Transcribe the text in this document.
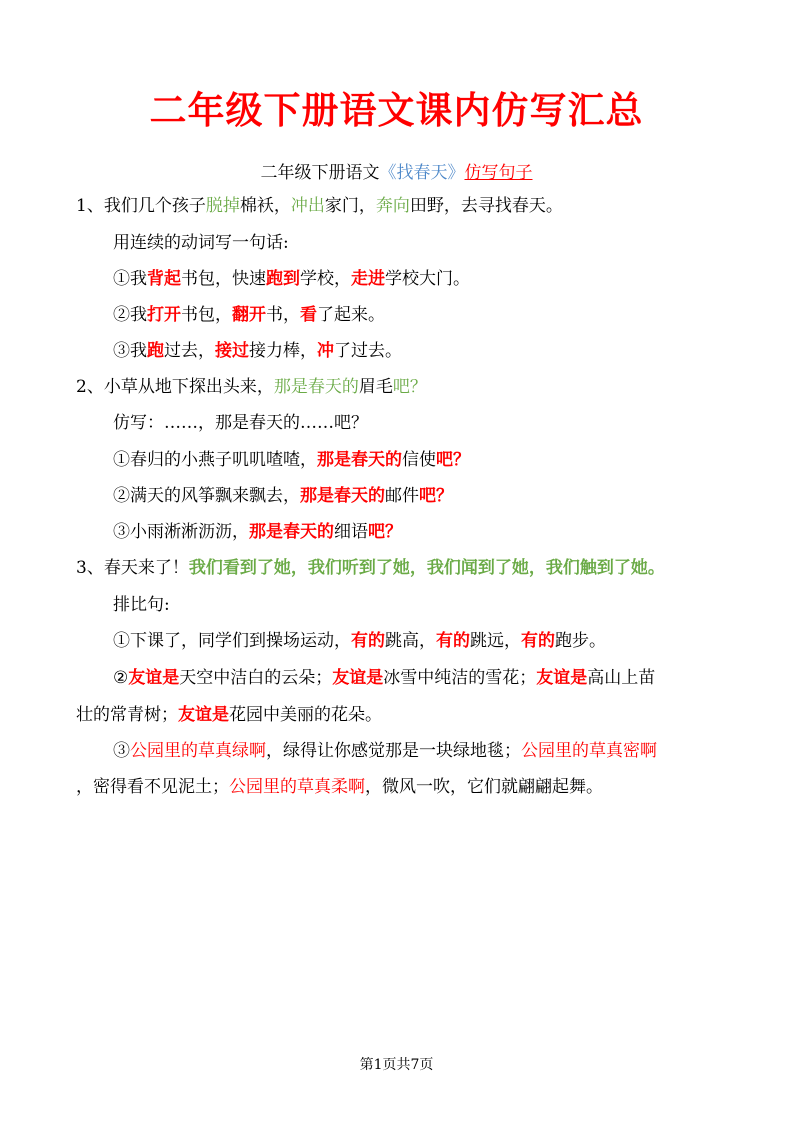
二年级下册语文课内仿写汇总
二年级下册语文《找春天》仿写句子
1、我们几个孩子脱掉棉袄，冲出家门，奔向田野，去寻找春天。
用连续的动词写一句话:
①我背起书包，快速跑到学校，走进学校大门。
②我打开书包，翻开书，看了起来。
③我跑过去，接过接力棒，冲了过去。
2、小草从地下探出头来，那是春天的眉毛吧？
仿写：……，那是春天的……吧？
①春归的小燕子叽叽喳喳，那是春天的信使吧？
②满天的风筝飘来飘去，那是春天的邮件吧？
③小雨淅淅沥沥，那是春天的细语吧？
3、春天来了！我们看到了她，我们听到了她，我们闻到了她，我们触到了她。
排比句:
①下课了，同学们到操场运动，有的跳高，有的跳远，有的跑步。
②友谊是天空中洁白的云朵；友谊是冰雪中纯洁的雪花；友谊是高山上苗
壮的常青树；友谊是花园中美丽的花朵。
③公园里的草真绿啊，绿得让你感觉那是一块绿地毯；公园里的草真密啊
，密得看不见泥土；公园里的草真柔啊，微风一吹，它们就翩翩起舞。
第1页共7页
